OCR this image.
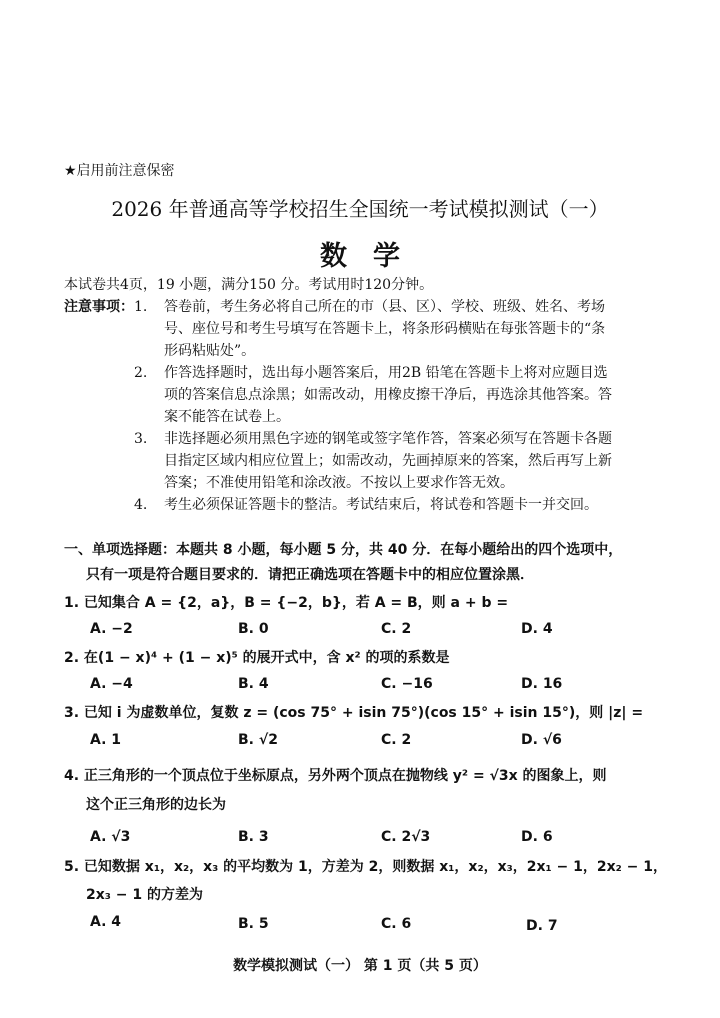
★启用前注意保密
2026 年普通高等学校招生全国统一考试模拟测试（一）
数学
本试卷共4页，19 小题，满分150 分。考试用时120分钟。
注意事项： 1. 答卷前，考生务必将自己所在的市（县、区）、学校、班级、姓名、考场号、座位号和考生号填写在答题卡上，将条形码横贴在每张答题卡的“条形码粘贴处”。
2. 作答选择题时，选出每小题答案后，用2B 铅笔在答题卡上将对应题目选项的答案信息点涂黑；如需改动，用橡皮擦干净后，再选涂其他答案。答案不能答在试卷上。
3. 非选择题必须用黑色字迹的钢笔或签字笔作答，答案必须写在答题卡各题目指定区域内相应位置上；如需改动，先画掉原来的答案，然后再写上新答案；不准使用铅笔和涂改液。不按以上要求作答无效。
4. 考生必须保证答题卡的整洁。考试结束后，将试卷和答题卡一并交回。
一、单项选择题：本题共 8 小题，每小题 5 分，共 40 分．在每小题给出的四个选项中，
只有一项是符合题目要求的．请把正确选项在答题卡中的相应位置涂黑．
1. 已知集合 A = {2，a}，B = {−2，b}，若 A = B，则 a + b =
A. −2	B. 0	C. 2	D. 4
2. 在(1 − x)⁴ + (1 − x)⁵ 的展开式中，含 x² 的项的系数是
A. −4	B. 4	C. −16	D. 16
3. 已知 i 为虚数单位，复数 z = (cos 75° + isin 75°)(cos 15° + isin 15°)，则 |z| =
A. 1	B. √2	C. 2	D. √6
4. 正三角形的一个顶点位于坐标原点，另外两个顶点在抛物线 y² = √3x 的图象上，则
这个正三角形的边长为
A. √3	B. 3	C. 2√3	D. 6
5. 已知数据 x₁，x₂，x₃ 的平均数为 1，方差为 2，则数据 x₁，x₂，x₃，2x₁ − 1，2x₂ − 1，
2x₃ − 1 的方差为
A. 4	B. 5	C. 6	D. 7
数学模拟测试（一） 第 1 页（共 5 页）
